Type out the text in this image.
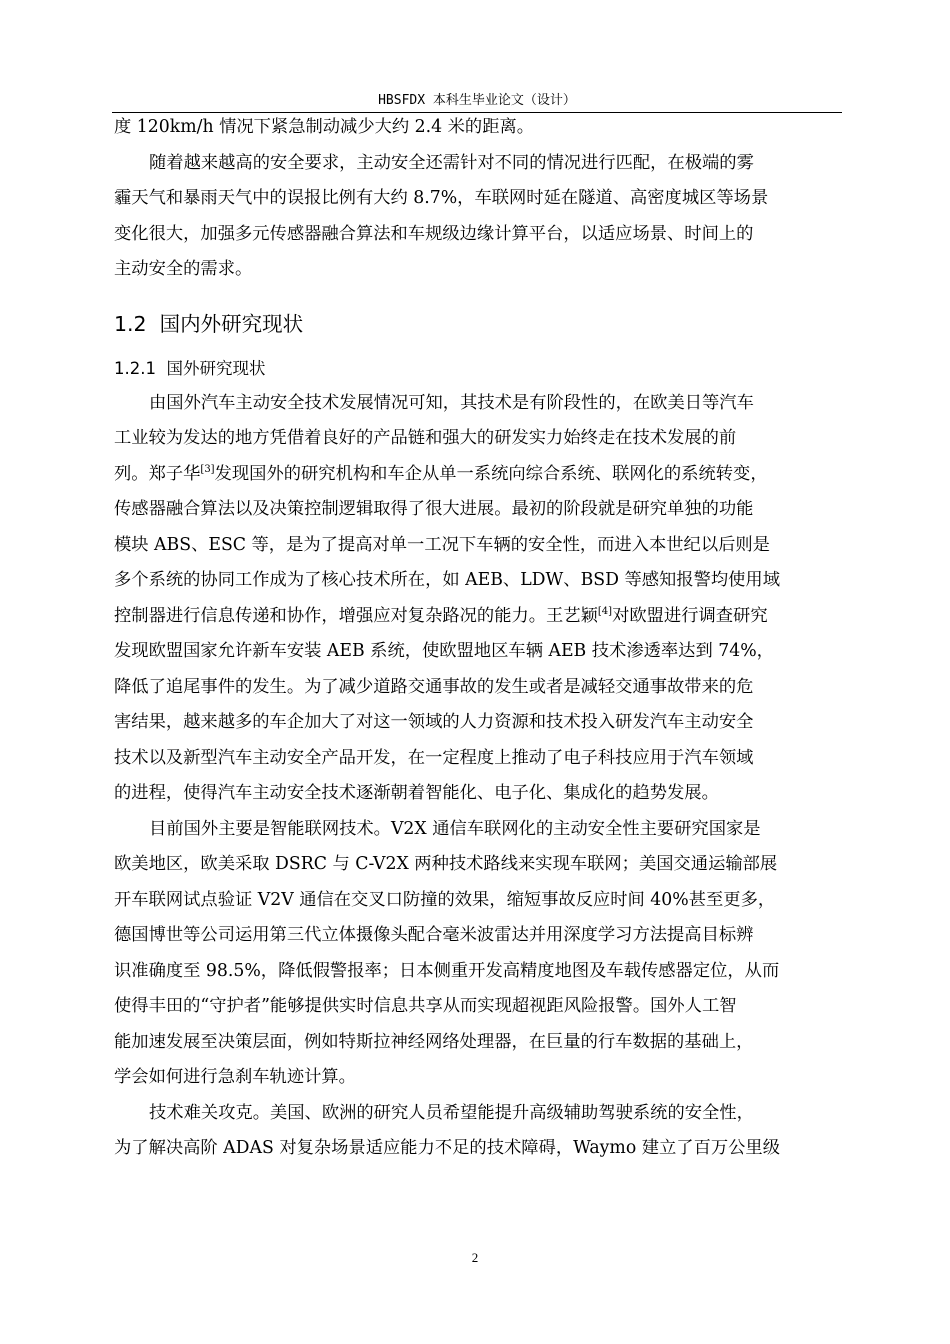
HBSFDX 本科生毕业论文（设计）

度 120km/h 情况下紧急制动减少大约 2.4 米的距离。

随着越来越高的安全要求，主动安全还需针对不同的情况进行匹配，在极端的雾
霾天气和暴雨天气中的误报比例有大约 8.7%，车联网时延在隧道、高密度城区等场景
变化很大，加强多元传感器融合算法和车规级边缘计算平台，以适应场景、时间上的
主动安全的需求。

1.2 国内外研究现状
1.2.1 国外研究现状

由国外汽车主动安全技术发展情况可知，其技术是有阶段性的，在欧美日等汽车
工业较为发达的地方凭借着良好的产品链和强大的研发实力始终走在技术发展的前
列。郑子华[3]发现国外的研究机构和车企从单一系统向综合系统、联网化的系统转变，
传感器融合算法以及决策控制逻辑取得了很大进展。最初的阶段就是研究单独的功能
模块 ABS、ESC 等，是为了提高对单一工况下车辆的安全性，而进入本世纪以后则是
多个系统的协同工作成为了核心技术所在，如 AEB、LDW、BSD 等感知报警均使用域
控制器进行信息传递和协作，增强应对复杂路况的能力。王艺颖[4]对欧盟进行调查研究
发现欧盟国家允许新车安装 AEB 系统，使欧盟地区车辆 AEB 技术渗透率达到 74%，
降低了追尾事件的发生。为了减少道路交通事故的发生或者是减轻交通事故带来的危
害结果，越来越多的车企加大了对这一领域的人力资源和技术投入研发汽车主动安全
技术以及新型汽车主动安全产品开发，在一定程度上推动了电子科技应用于汽车领域
的进程，使得汽车主动安全技术逐渐朝着智能化、电子化、集成化的趋势发展。

目前国外主要是智能联网技术。V2X 通信车联网化的主动安全性主要研究国家是
欧美地区，欧美采取 DSRC 与 C-V2X 两种技术路线来实现车联网；美国交通运输部展
开车联网试点验证 V2V 通信在交叉口防撞的效果，缩短事故反应时间 40%甚至更多，
德国博世等公司运用第三代立体摄像头配合毫米波雷达并用深度学习方法提高目标辨
识准确度至 98.5%，降低假警报率；日本侧重开发高精度地图及车载传感器定位，从而
使得丰田的“守护者”能够提供实时信息共享从而实现超视距风险报警。国外人工智
能加速发展至决策层面，例如特斯拉神经网络处理器，在巨量的行车数据的基础上，
学会如何进行急刹车轨迹计算。

技术难关攻克。美国、欧洲的研究人员希望能提升高级辅助驾驶系统的安全性，
为了解决高阶 ADAS 对复杂场景适应能力不足的技术障碍，Waymo 建立了百万公里级

2
